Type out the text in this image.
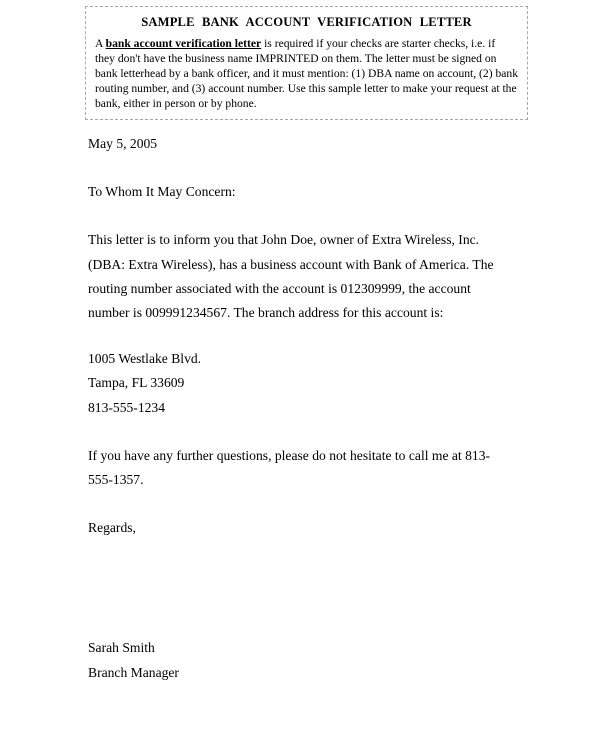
SAMPLE BANK ACCOUNT VERIFICATION LETTER

A bank account verification letter is required if your checks are starter checks, i.e. if they don't have the business name IMPRINTED on them. The letter must be signed on bank letterhead by a bank officer, and it must mention: (1) DBA name on account, (2) bank routing number, and (3) account number. Use this sample letter to make your request at the bank, either in person or by phone.

May 5, 2005
To Whom It May Concern:

This letter is to inform you that John Doe, owner of Extra Wireless, Inc. (DBA: Extra Wireless), has a business account with Bank of America. The routing number associated with the account is 012309999, the account number is 009991234567. The branch address for this account is:

1005 Westlake Blvd.
Tampa, FL 33609
813-555-1234

If you have any further questions, please do not hesitate to call me at 813-555-1357.

Regards,
Sarah Smith
Branch Manager
